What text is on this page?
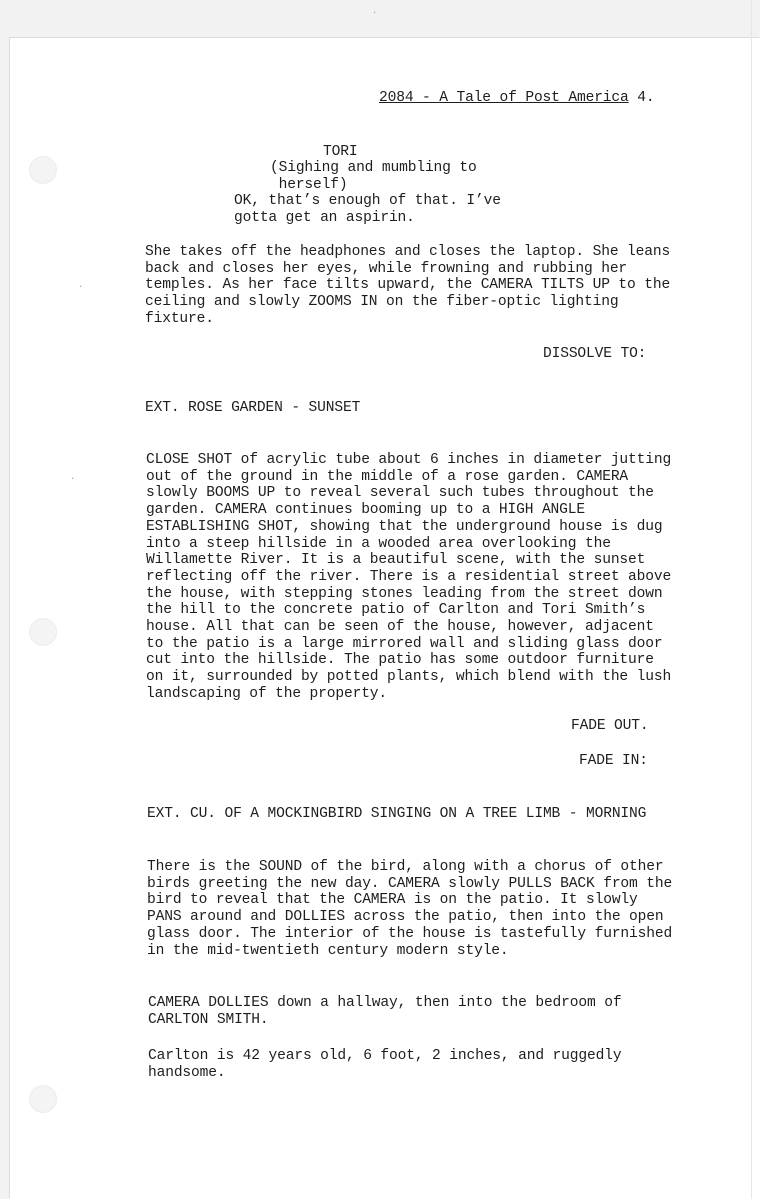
·
·
·

2084 - A Tale of Post America 4.

TORI

(Sighing and mumbling to
herself)
OK, that’s enough of that. I’ve
gotta get an aspirin.
She takes off the headphones and closes the laptop. She leans
back and closes her eyes, while frowning and rubbing her
temples. As her face tilts upward, the CAMERA TILTS UP to the
ceiling and slowly ZOOMS IN on the fiber-optic lighting
fixture.

DISSOLVE TO:

EXT. ROSE GARDEN - SUNSET

CLOSE SHOT of acrylic tube about 6 inches in diameter jutting
out of the ground in the middle of a rose garden. CAMERA
slowly BOOMS UP to reveal several such tubes throughout the
garden. CAMERA continues booming up to a HIGH ANGLE
ESTABLISHING SHOT, showing that the underground house is dug
into a steep hillside in a wooded area overlooking the
Willamette River. It is a beautiful scene, with the sunset
reflecting off the river. There is a residential street above
the house, with stepping stones leading from the street down
the hill to the concrete patio of Carlton and Tori Smith’s
house. All that can be seen of the house, however, adjacent
to the patio is a large mirrored wall and sliding glass door
cut into the hillside. The patio has some outdoor furniture
on it, surrounded by potted plants, which blend with the lush
landscaping of the property.

FADE OUT.

FADE IN:

EXT. CU. OF A MOCKINGBIRD SINGING ON A TREE LIMB - MORNING

There is the SOUND of the bird, along with a chorus of other
birds greeting the new day. CAMERA slowly PULLS BACK from the
bird to reveal that the CAMERA is on the patio. It slowly
PANS around and DOLLIES across the patio, then into the open
glass door. The interior of the house is tastefully furnished
in the mid-twentieth century modern style.
CAMERA DOLLIES down a hallway, then into the bedroom of
CARLTON SMITH.
Carlton is 42 years old, 6 foot, 2 inches, and ruggedly
handsome.
